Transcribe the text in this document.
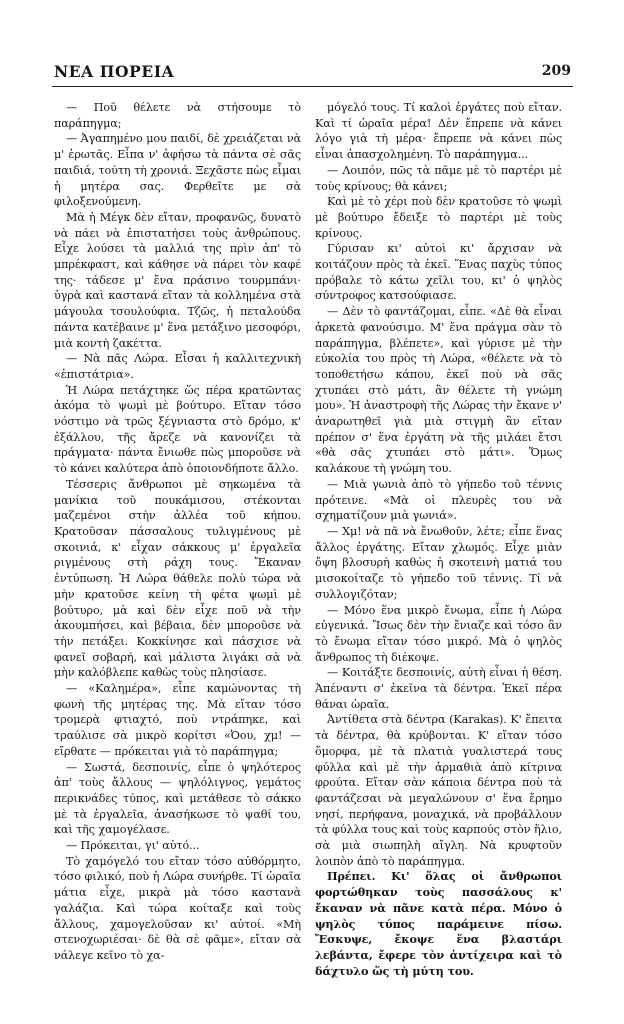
ΝΕΑ ΠΟΡΕΙΑ	209

— Ποῦ θέλετε νὰ στήσουμε τὸ παράπηγμα;

— Ἀγαπημένο μου παιδί, δὲ χρειάζεται νὰ μ' ἐρωτᾶς. Εἶπα ν' ἀφήσω τὰ πάντα σὲ σᾶς παιδιά, τούτη τὴ χρονιά. Ξεχᾶστε πὼς εἶμαι ἡ μητέρα σας. Φερθεῖτε με σὰ φιλοξενούμενη.

Μὰ ἡ Μέγκ δὲν εἴταν, προφανῶς, δυνατὸ νὰ πάει νὰ ἐπιστατήσει τοὺς ἀνθρώπους. Εἶχε λούσει τὰ μαλλιά της πρὶν ἀπ' τὸ μπρέκφαστ, καὶ κάθησε νὰ πάρει τὸν καφέ της· τάδεσε μ' ἕνα πράσινο τουρμπάνι· ὑγρὰ καὶ καστανά εἴταν τὰ κολλημένα στὰ μάγουλα τσουλούφια. Τζῶς, ἡ πεταλούδα πάντα κατέβαινε μ' ἕνα μετάξινο μεσοφόρι, μιὰ κοντὴ ζακέττα.

— Νὰ πᾶς Λώρα. Εἶσαι ἡ καλλιτεχνικὴ «ἐπιστάτρια».

Ἡ Λώρα πετάχτηκε ὥς πέρα κρατῶντας ἀκόμα τὸ ψωμὶ μὲ βούτυρο. Εἴταν τόσο νόστιμο νὰ τρῶς ξέγνιαστα στὸ δρόμο, κ' ἐξάλλου, τῆς ἄρεζε νὰ κανονίζει τὰ πράγματα· πάντα ἔνιωθε πὼς μποροῦσε νὰ τὸ κάνει καλύτερα ἀπὸ ὁποιονδήποτε ἄλλο.

Τέσσερις ἄνθρωποι μὲ σηκωμένα τὰ μανίκια τοῦ πουκάμισου, στέκονται μαζεμένοι στὴν ἀλλέα τοῦ κήπου. Κρατοῦσαν πάσσαλους τυλιγμένους μὲ σκοινιά, κ' εἶχαν σάκκους μ' ἐργαλεῖα ριγμένους στὴ ράχη τους. Ἔκαναν ἐντύπωση. Ἡ Λώρα θάθελε πολὺ τώρα νὰ μὴν κρατοῦσε κείνη τὴ φέτα ψωμὶ μὲ βούτυρο, μὰ καὶ δὲν εἶχε ποῦ νὰ τὴν ἀκουμπήσει, καὶ βέβαια, δὲν μποροῦσε νὰ τὴν πετάξει. Κοκκίνησε καὶ πάσχισε νὰ φανεῖ σοβαρή, καὶ μάλιστα λιγάκι σὰ νὰ μὴν καλόβλεπε καθὼς τοὺς πλησίασε.

— «Καλημέρα», εἶπε καμώνοντας τὴ φωνὴ τῆς μητέρας της. Μὰ εἴταν τόσο τρομερὰ φτιαχτό, ποὺ ντράπηκε, καὶ τραύλισε σὰ μικρὸ κορίτσι «Ὀου, χμ! — εἴρθατε — πρόκειται γιὰ τὸ παράπηγμα;

— Σωστά, δεσποινίς, εἶπε ὁ ψηλότερος ἀπ' τοὺς ἄλλους — ψηλόλιγνος, γεμάτος περικνάδες τύπος, καὶ μετάθεσε τὸ σάκκο μὲ τὰ ἐργαλεῖα, ἀνασήκωσε τὸ ψαθί του, καὶ τῆς χαμογέλασε.

— Πρόκειται, γι' αὐτό...

Τὸ χαμόγελό του εἴταν τόσο αὐθόρμητο, τόσο φιλικό, ποὺ ἡ Λώρα συνήρθε. Τί ὡραῖα μάτια εἶχε, μικρὰ μὰ τόσο καστανὰ γαλάζια. Καὶ τώρα κοίταξε καὶ τοὺς ἄλλους, χαμογελοῦσαν κι' αὐτοί. «Μὴ στενοχωριέσαι· δὲ θὰ σὲ φᾶμε», εἴταν σὰ νάλεγε κεῖνο τὸ χα-

μόγελό τους. Τί καλοὶ ἐργάτες ποὺ εἴταν. Καὶ τί ὡραῖα μέρα! Δὲν ἔπρεπε νὰ κάνει λόγο γιὰ τὴ μέρα· ἔπρεπε νὰ κάνει πὼς εἶναι ἀπασχολημένη. Τὸ παράπηγμα...

— Λοιπόν, πῶς τὰ πᾶμε μὲ τὸ παρτέρι μὲ τοὺς κρίνους; θὰ κάνει;

Καὶ μὲ τὸ χέρι ποὺ δὲν κρατοῦσε τὸ ψωμὶ μὲ βούτυρο ἔδειξε τὸ παρτέρι μὲ τοὺς κρίνους.

Γύρισαν κι' αὐτοὶ κι' ἄρχισαν νὰ κοιτάζουν πρὸς τὰ ἐκεῖ. Ἕνας παχὺς τύπος πρόβαλε τὸ κάτω χεῖλι του, κι' ὁ ψηλὸς σύντροφος κατσούφιασε.

— Δὲν τὸ φαντάζομαι, εἶπε. «Δὲ θὰ εἶναι ἀρκετὰ φανούσιμο. Μ' ἕνα πράγμα σὰν τὸ παράπηγμα, βλέπετε», καὶ γύρισε μὲ τὴν εὐκολία του πρὸς τὴ Λώρα, «θέλετε νὰ τὸ τοποθετήσω κάπου, ἐκεῖ ποὺ νὰ σᾶς χτυπάει στὸ μάτι, ἂν θέλετε τὴ γνώμη μου». Ἡ ἀναστροφὴ τῆς Λώρας τὴν ἔκανε ν' ἀναρωτηθεῖ γιὰ μιὰ στιγμὴ ἂν εἴταν πρέπον σ' ἕνα ἐργάτη νὰ τῆς μιλάει ἔτσι «θὰ σᾶς χτυπάει στὸ μάτι». Ὅμως καλάκουε τὴ γνώμη του.

— Μιὰ γωνιὰ ἀπὸ τὸ γήπεδο τοῦ τέννις πρότεινε. «Μὰ οἱ πλευρὲς του νὰ σχηματίζουν μιὰ γωνιά».

— Χμ! νὰ πᾶ νὰ ἔνωθοῦν, λέτε; εἶπε ἕνας ἄλλος ἐργάτης. Εἴταν χλωμός. Εἶχε μιὰν ὄψη βλοσυρὴ καθὼς ἡ σκοτεινὴ ματιά του μισοκοίταζε τὸ γήπεδο τοῦ τέννις. Τί νὰ συλλογιζόταν;

— Μόνο ἕνα μικρὸ ἔνωμα, εἶπε ἡ Λώρα εὐγενικά. Ἴσως δὲν τὴν ἔνιαζε καὶ τόσο ἂν τὸ ἔνωμα εἴταν τόσο μικρό. Μὰ ὁ ψηλὸς ἄνθρωπος τὴ διέκοψε.

— Κοιτάξτε δεσποινίς, αὐτὴ εἶναι ἡ θέση. Ἀπέναντι σ' ἐκεῖνα τὰ δέντρα. Ἐκεῖ πέρα θάναι ὡραῖα.

Ἀντίθετα στὰ δέντρα (Karakas). Κ' ἔπειτα τὰ δέντρα, θὰ κρύβονται. Κ' εἴταν τόσο ὅμορφα, μὲ τὰ πλατιὰ γυαλιστερά τους φύλλα καὶ μὲ τὴν ἀρμαθιὰ ἀπὸ κίτρινα φρούτα. Εἴταν σὰν κάποια δέντρα ποὺ τὰ φαντάζεσαι νὰ μεγαλώνουν σ' ἕνα ἔρημο νησί, περήφανα, μοναχικά, νὰ προβάλλουν τὰ φύλλα τους καὶ τοὺς καρπούς στὸν ἥλιο, σὰ μιὰ σιωπηλὴ αἴγλη. Νὰ κρυφτοῦν λοιπὸν ἀπὸ τὸ παράπηγμα.

Πρέπει. Κι' ὅλας οἱ ἄνθρωποι φορτώθηκαν τοὺς πασσάλους κ' ἔκαναν νὰ πᾶνε κατὰ πέρα. Μόνο ὁ ψηλὸς τύπος παράμεινε πίσω. Ἔσκυψε, ἔκοψε ἕνα βλαστάρι λεβάντα, ἔφερε τὸν ἀντίχειρα καὶ τὸ δάχτυλο ὥς τὴ μύτη του.
